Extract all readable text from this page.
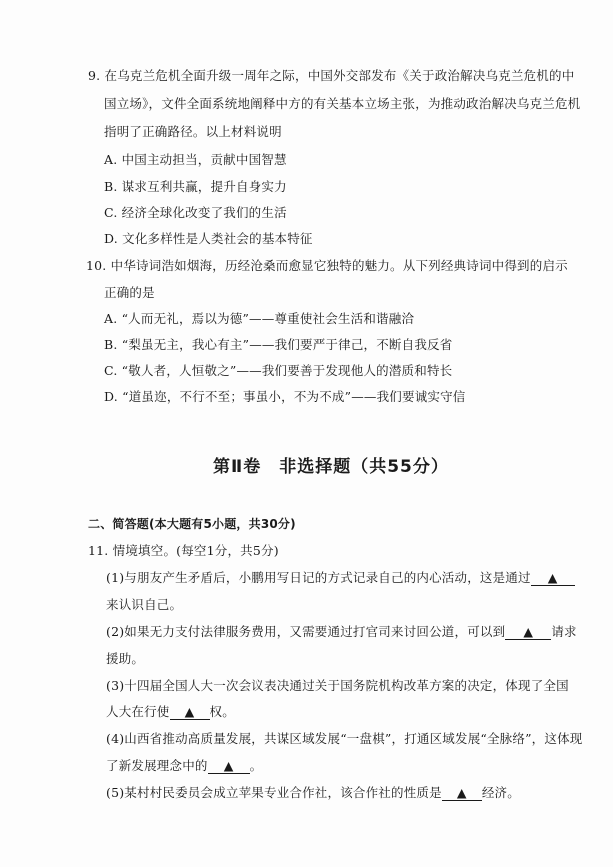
9. 在乌克兰危机全面升级一周年之际，中国外交部发布《关于政治解决乌克兰危机的中
国立场》，文件全面系统地阐释中方的有关基本立场主张，为推动政治解决乌克兰危机
指明了正确路径。以上材料说明
A. 中国主动担当，贡献中国智慧
B. 谋求互利共赢，提升自身实力
C. 经济全球化改变了我们的生活
D. 文化多样性是人类社会的基本特征
10. 中华诗词浩如烟海，历经沧桑而愈显它独特的魅力。从下列经典诗词中得到的启示
正确的是
A. “人而无礼，焉以为德”——尊重使社会生活和谐融洽
B. “梨虽无主，我心有主”——我们要严于律己，不断自我反省
C. “敬人者，人恒敬之”——我们要善于发现他人的潜质和特长
D. “道虽迩，不行不至；事虽小，不为不成”——我们要诚实守信
第Ⅱ卷　非选择题（共55分）
二、简答题(本大题有5小题，共30分)
11. 情境填空。(每空1分，共5分)
(1)与朋友产生矛盾后，小鹏用写日记的方式记录自己的内心活动，这是通过 ▲
来认识自己。
(2)如果无力支付法律服务费用，又需要通过打官司来讨回公道，可以到 ▲ 请求
援助。
(3)十四届全国人大一次会议表决通过关于国务院机构改革方案的决定，体现了全国
人大在行使 ▲ 权。
(4)山西省推动高质量发展，共谋区域发展“一盘棋”，打通区域发展“全脉络”，这体现
了新发展理念中的 ▲ 。
(5)某村村民委员会成立苹果专业合作社，该合作社的性质是 ▲ 经济。
